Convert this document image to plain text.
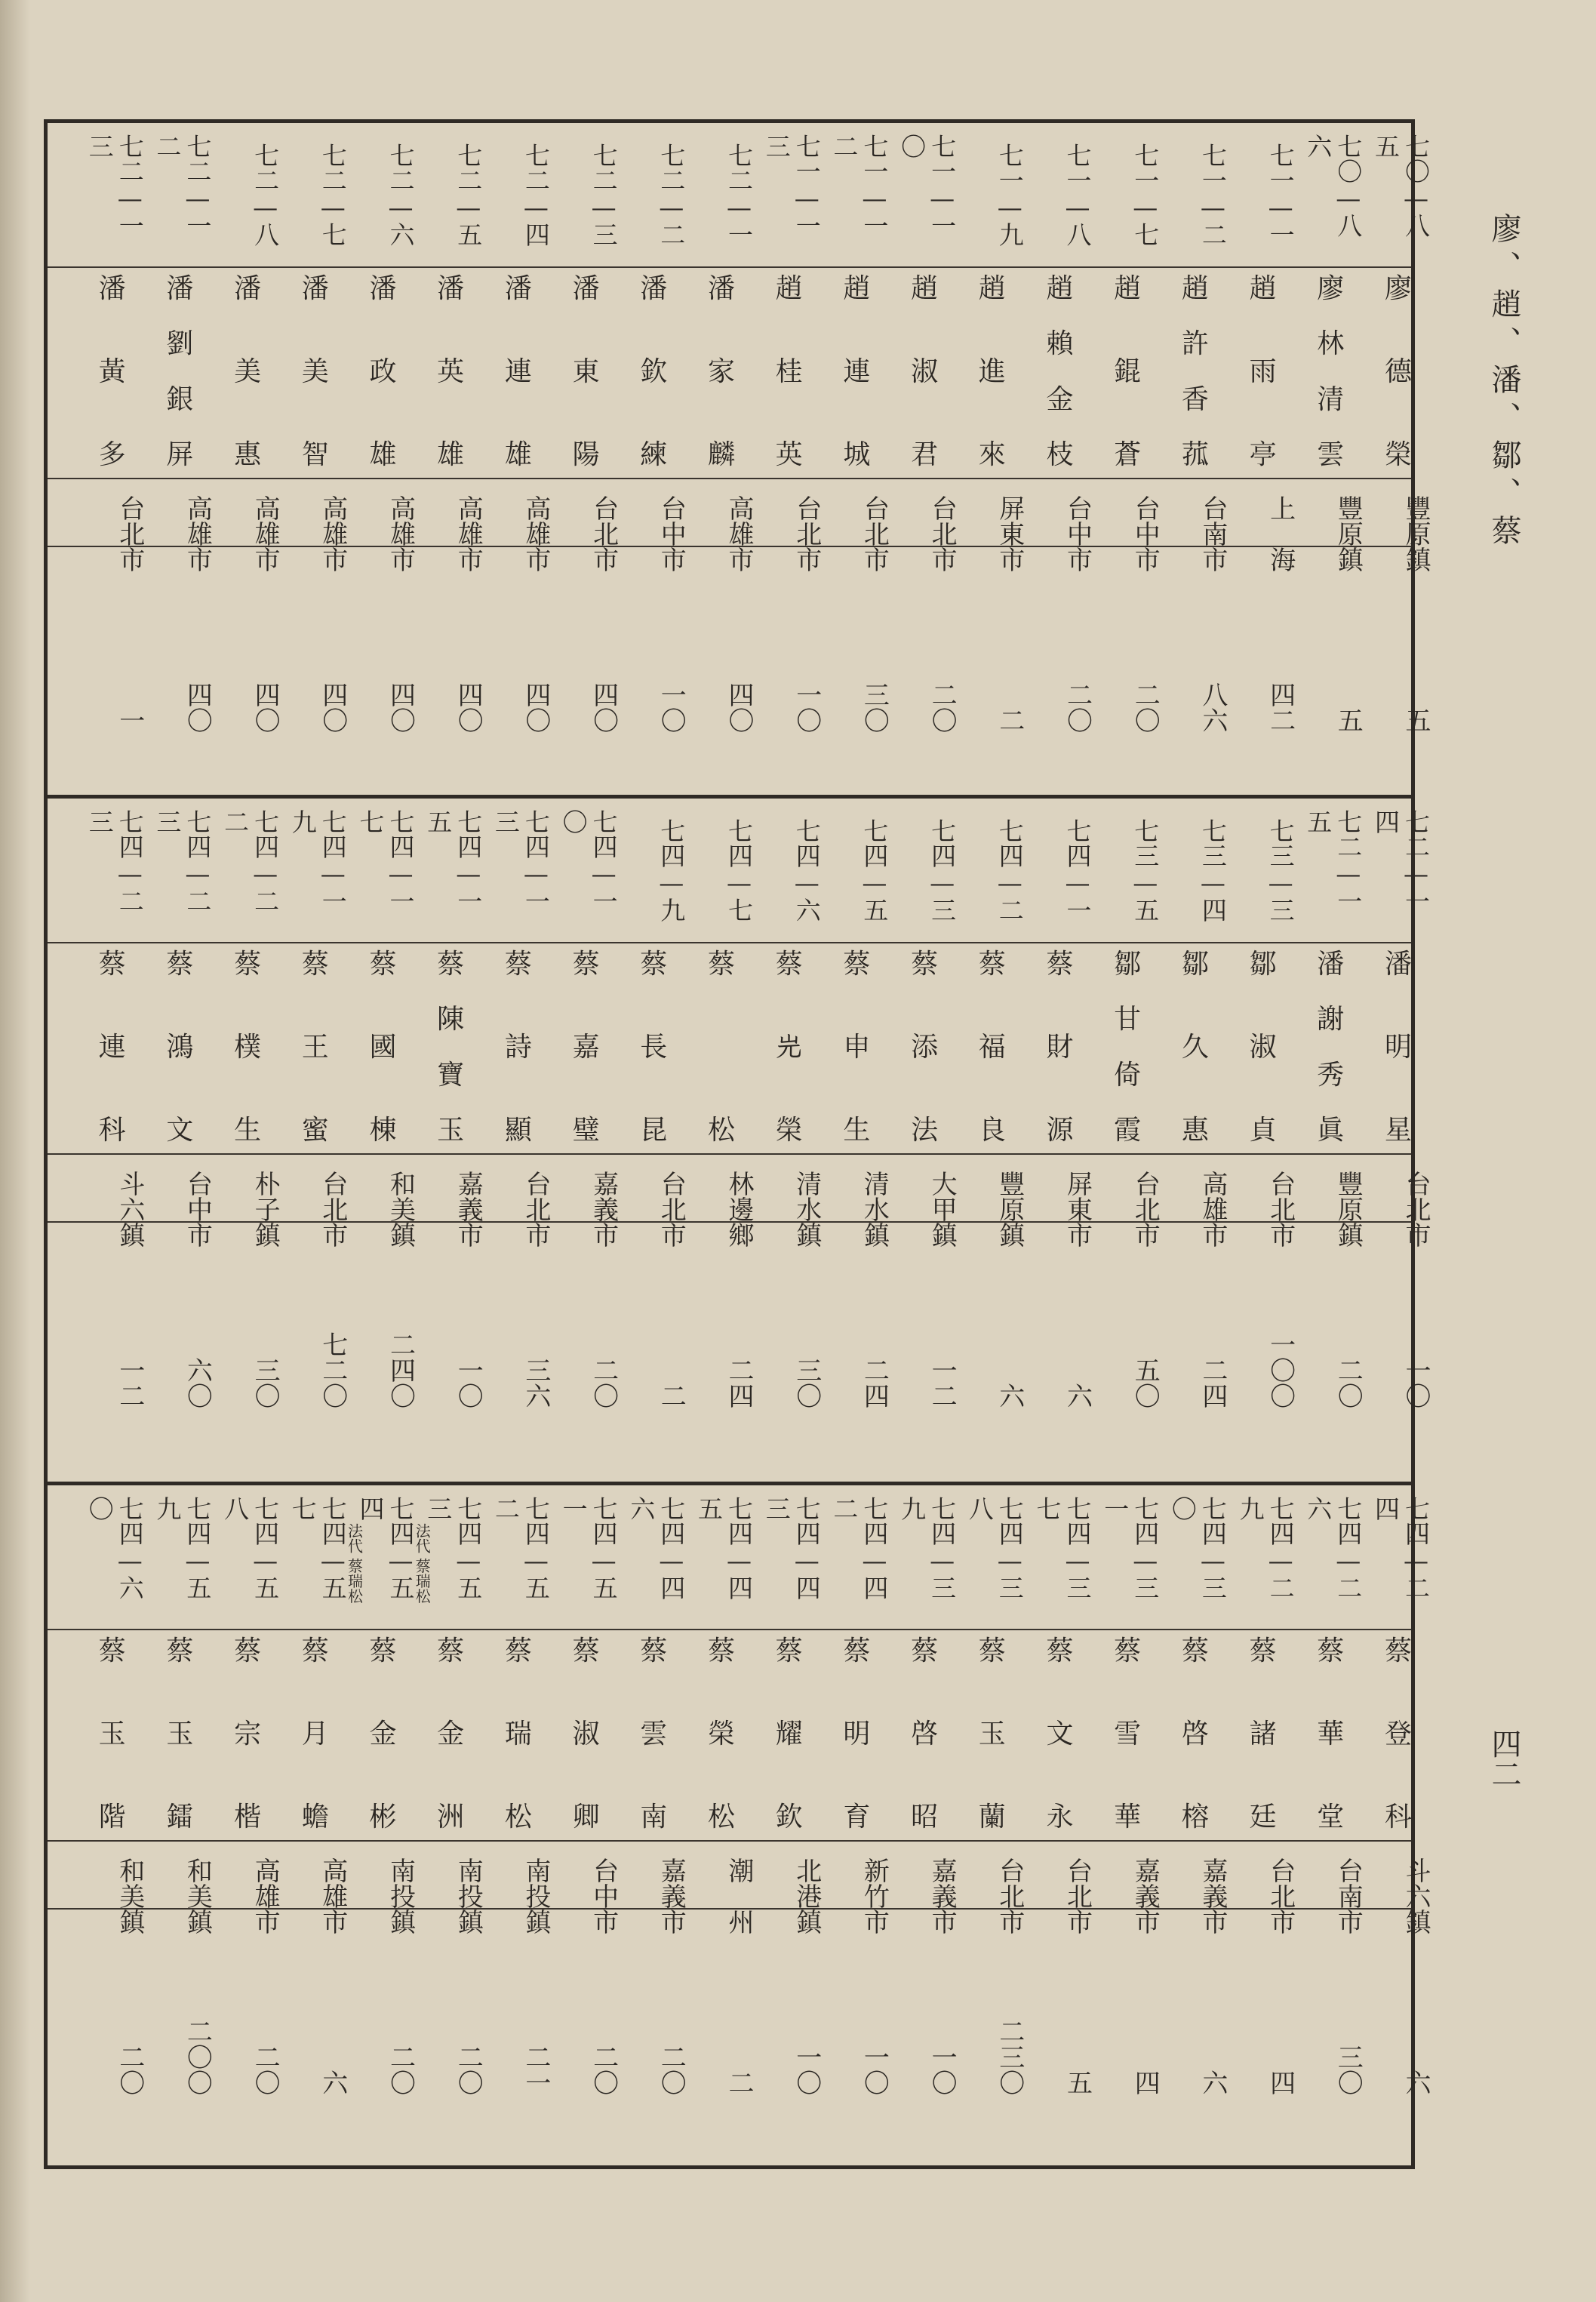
七〇—八五
廖
德
榮
豐原鎮
五
七〇—八六
廖
林
清
雲
豐原鎮
五
七一—一
趙
雨
亭
上　海
四二
七一—二
趙
許
香
菰
台南市
八六
七一—七
趙
錕
蒼
台中市
二〇
七一—八
趙
賴
金
枝
台中市
二〇
七一—九
趙
進
來
屏東市
二
七一—一〇
趙
淑
君
台北市
二〇
七一—一二
趙
連
城
台北市
三〇
七一—一三
趙
桂
英
台北市
一〇
七二—一
潘
家
麟
高雄市
四〇
七二—二
潘
欽
練
台中市
一〇
七二—三
潘
東
陽
台北市
四〇
七二—四
潘
連
雄
高雄市
四〇
七二—五
潘
英
雄
高雄市
四〇
七二—六
潘
政
雄
高雄市
四〇
七二—七
潘
美
智
高雄市
四〇
七二—八
潘
美
惠
高雄市
四〇
七二—一二
潘
劉
銀
屏
高雄市
四〇
七二—一三
潘
黃
多
台北市
一
七二—一四
潘
明
星
台北市
一〇
七二—一五
潘
謝
秀
眞
豐原鎮
二〇
七三—三
鄒
淑
貞
台北市
一〇〇
七三—四
鄒
久
惠
高雄市
二四
七三—五
鄒
甘
倚
霞
台北市
五〇
七四—一
蔡
財
源
屏東市
六
七四—二
蔡
福
良
豐原鎮
六
七四—三
蔡
添
法
大甲鎮
一二
七四—五
蔡
申
生
清水鎮
二四
七四—六
蔡
𡵉
榮
清水鎮
三〇
七四—七
蔡
松
林邊鄉
二四
七四—九
蔡
長
昆
台北市
二
七四—一〇
蔡
嘉
璧
嘉義市
二〇
七四—一三
蔡
詩
顯
台北市
三六
七四—一五
蔡
陳
寶
玉
嘉義市
一〇
七四—一七
蔡
國
棟
和美鎮
二四〇
七四—一九
蔡
王
蜜
台北市
七二〇
七四—二二
蔡
樸
生
朴子鎮
三〇
七四—二三
蔡
鴻
文
台中市
六〇
七四—二三
蔡
連
科
斗六鎮
一二
七四—二四
蔡
登
科
斗六鎮
六
七四—二六
蔡
華
堂
台南市
三〇
七四—二九
蔡
諸
廷
台北市
四
七四—三〇
蔡
啓
榕
嘉義市
六
七四—三一
蔡
雪
華
嘉義市
四
七四—三七
蔡
文
永
台北市
五
七四—三八
蔡
玉
蘭
台北市
二三〇
七四—三九
蔡
啓
昭
嘉義市
一〇
七四—四二
蔡
明
育
新竹市
一〇
七四—四三
蔡
耀
欽
北港鎮
一〇
七四—四五
蔡
榮
松
潮　州
二
七四—四六
蔡
雲
南
嘉義市
二〇
七四—五一
蔡
淑
卿
台中市
二〇
七四—五二
蔡
瑞
松
南投鎮
二一
七四—五三
法代 蔡瑞松
蔡
金
洲
南投鎮
二〇
七四—五四
法代 蔡瑞松
蔡
金
彬
南投鎮
二〇
七四—五七
蔡
月
蟾
高雄市
六
七四—五八
蔡
宗
楷
高雄市
二〇
七四—五九
蔡
玉
鐳
和美鎮
二〇〇
七四—六〇
蔡
玉
階
和美鎮
二〇
廖、趙、潘、鄒、蔡
四二
